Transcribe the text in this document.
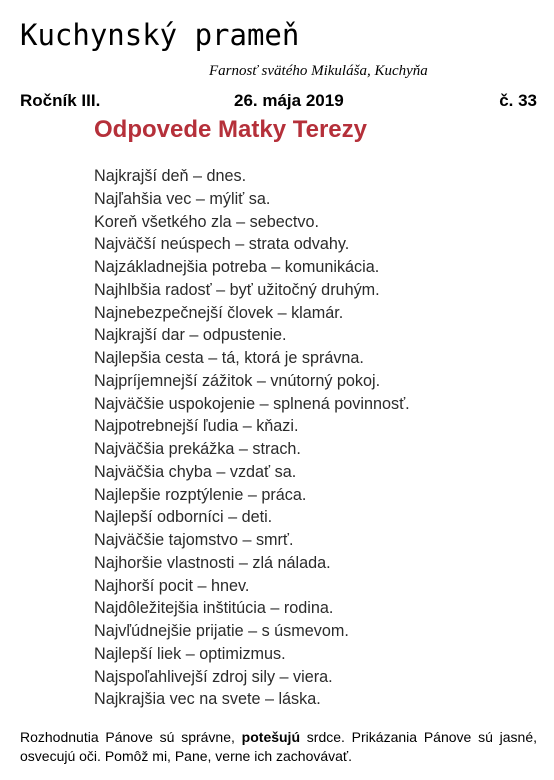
Kuchynský prameň
Farnosť svätého Mikuláša, Kuchyňa
Ročník III.	26. mája 2019	č. 33
Odpovede Matky Terezy
Najkrajší deň – dnes.
Najľahšia vec – mýliť sa.
Koreň všetkého zla – sebectvo.
Najväčší neúspech – strata odvahy.
Najzákladnejšia potreba – komunikácia.
Najhlbšia radosť – byť užitočný druhým.
Najnebezpečnejší človek – klamár.
Najkrajší dar – odpustenie.
Najlepšia cesta – tá, ktorá je správna.
Najpríjemnejší zážitok – vnútorný pokoj.
Najväčšie uspokojenie – splnená povinnosť.
Najpotrebnejší ľudia – kňazi.
Najväčšia prekážka – strach.
Najväčšia chyba – vzdať sa.
Najlepšie rozptýlenie – práca.
Najlepší odborníci – deti.
Najväčšie tajomstvo – smrť.
Najhoršie vlastnosti – zlá nálada.
Najhorší pocit – hnev.
Najdôležitejšia inštitúcia – rodina.
Najvľúdnejšie prijatie – s úsmevom.
Najlepší liek – optimizmus.
Najspoľahlivejší zdroj sily – viera.
Najkrajšia vec na svete – láska.
Rozhodnutia Pánove sú správne, potešujú srdce. Prikázania Pánove sú jasné, osvecujú oči. Pomôž mi, Pane, verne ich zachovávať.
